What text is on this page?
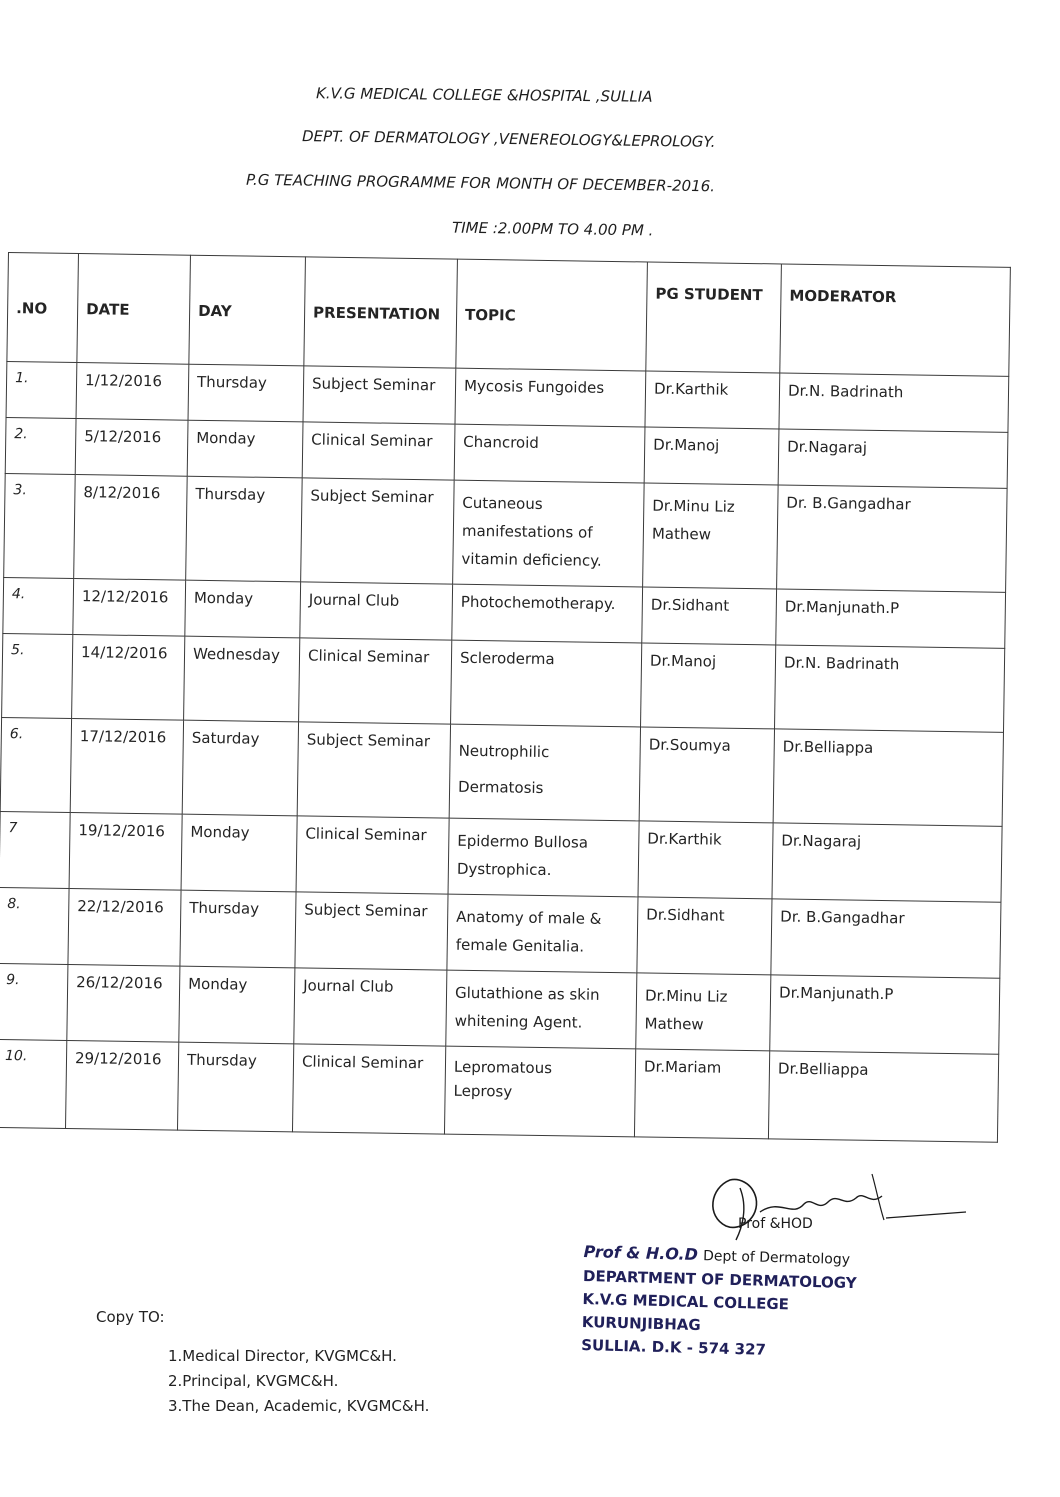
K.V.G MEDICAL COLLEGE &HOSPITAL ,SULLIA
DEPT. OF DERMATOLOGY ,VENEREOLOGY&LEPROLOGY.
P.G TEACHING PROGRAMME FOR MONTH OF DECEMBER-2016.
TIME :2.00PM TO 4.00 PM .
.NO	DATE	DAY	PRESENTATION	TOPIC	PG STUDENT	MODERATOR
1.	1/12/2016	Thursday	Subject Seminar	Mycosis Fungoides	Dr.Karthik	Dr.N. Badrinath
2.	5/12/2016	Monday	Clinical Seminar	Chancroid	Dr.Manoj	Dr.Nagaraj
3.	8/12/2016	Thursday	Subject Seminar	Cutaneous
manifestations of
vitamin deficiency.	Dr.Minu Liz
Mathew	Dr. B.Gangadhar
4.	12/12/2016	Monday	Journal Club	Photochemotherapy.	Dr.Sidhant	Dr.Manjunath.P
5.	14/12/2016	Wednesday	Clinical Seminar	Scleroderma	Dr.Manoj	Dr.N. Badrinath
6.	17/12/2016	Saturday	Subject Seminar	Neutrophilic
Dermatosis	Dr.Soumya	Dr.Belliappa
7	19/12/2016	Monday	Clinical Seminar	Epidermo Bullosa
Dystrophica.	Dr.Karthik	Dr.Nagaraj
8.	22/12/2016	Thursday	Subject Seminar	Anatomy of male &
female Genitalia.	Dr.Sidhant	Dr. B.Gangadhar
9.	26/12/2016	Monday	Journal Club	Glutathione as skin
whitening Agent.	Dr.Minu Liz
Mathew	Dr.Manjunath.P
10.	29/12/2016	Thursday	Clinical Seminar	Lepromatous
Leprosy	Dr.Mariam	Dr.Belliappa
Prof &HOD
Prof & H.O.D Dept of Dermatology
DEPARTMENT OF DERMATOLOGY
K.V.G MEDICAL COLLEGE
KURUNJIBHAG
SULLIA. D.K - 574 327
Copy TO:
1.Medical Director, KVGMC&H.
2.Principal, KVGMC&H.
3.The Dean, Academic, KVGMC&H.
